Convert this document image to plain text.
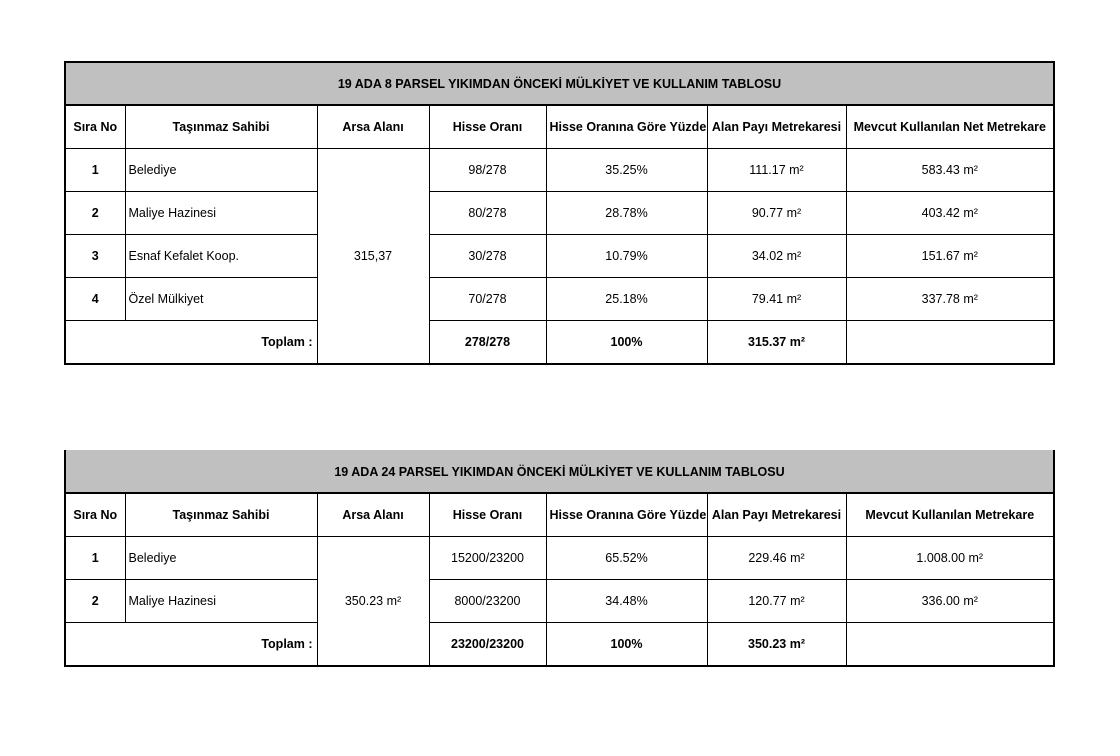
19 ADA 8 PARSEL YIKIMDAN ÖNCEKİ MÜLKİYET VE KULLANIM TABLOSU						
Sıra No	Taşınmaz Sahibi	Arsa Alanı	Hisse Oranı	Hisse Oranına Göre Yüzde	Alan Payı Metrekaresi	Mevcut Kullanılan Net Metrekare
1	Belediye	315,37	98/278	35.25%	111.17 m²	583.43 m²
2	Maliye Hazinesi		80/278	28.78%	90.77 m²	403.42 m²
3	Esnaf Kefalet Koop.		30/278	10.79%	34.02 m²	151.67 m²
4	Özel Mülkiyet		70/278	25.18%	79.41 m²	337.78 m²
Toplam :			278/278	100%	315.37 m²	
19 ADA 24 PARSEL YIKIMDAN ÖNCEKİ MÜLKİYET VE KULLANIM TABLOSU						
Sıra No	Taşınmaz Sahibi	Arsa Alanı	Hisse Oranı	Hisse Oranına Göre Yüzde	Alan Payı Metrekaresi	Mevcut Kullanılan Metrekare
1	Belediye	350.23 m²	15200/23200	65.52%	229.46 m²	1.008.00 m²
2	Maliye Hazinesi		8000/23200	34.48%	120.77 m²	336.00 m²
Toplam :			23200/23200	100%	350.23 m²	
